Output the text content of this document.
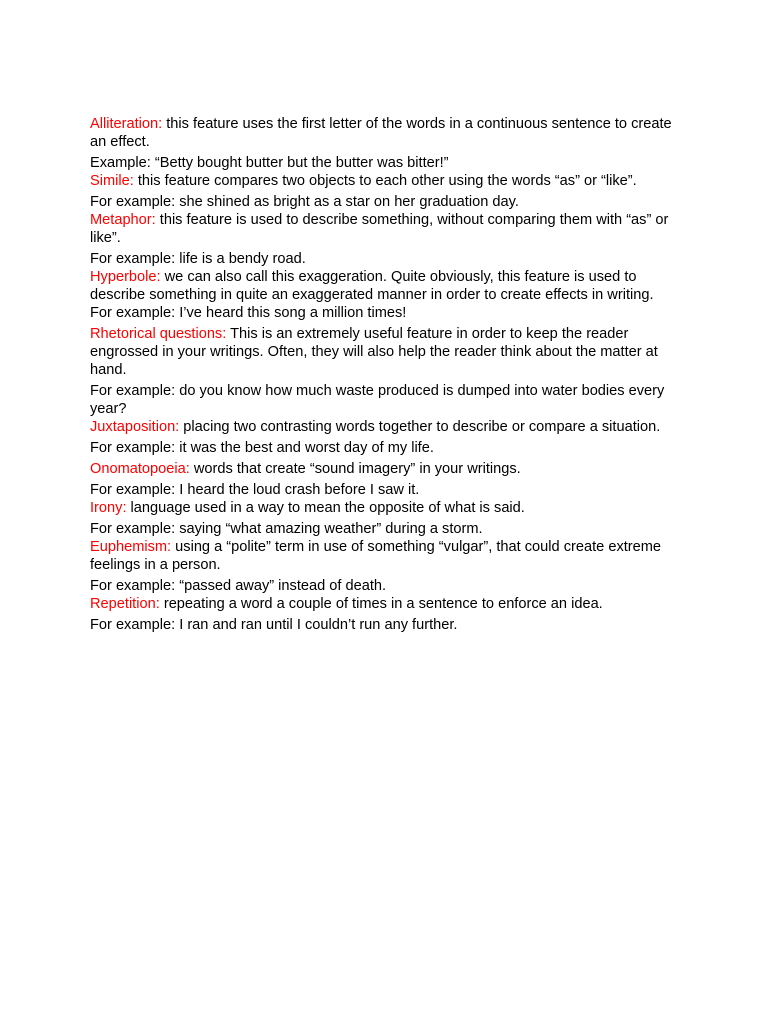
Alliteration: this feature uses the first letter of the words in a continuous sentence to create an effect.

Example: “Betty bought butter but the butter was bitter!”

Simile: this feature compares two objects to each other using the words “as” or “like”.

For example: she shined as bright as a star on her graduation day.

Metaphor: this feature is used to describe something, without comparing them with “as” or like”.

For example: life is a bendy road.

Hyperbole: we can also call this exaggeration. Quite obviously, this feature is used to describe something in quite an exaggerated manner in order to create effects in writing.

For example: I’ve heard this song a million times!

Rhetorical questions: This is an extremely useful feature in order to keep the reader engrossed in your writings. Often, they will also help the reader think about the matter at hand.

For example: do you know how much waste produced is dumped into water bodies every year?

Juxtaposition: placing two contrasting words together to describe or compare a situation.

For example: it was the best and worst day of my life.

Onomatopoeia: words that create “sound imagery” in your writings.

For example: I heard the loud crash before I saw it.

Irony: language used in a way to mean the opposite of what is said.

For example: saying “what amazing weather” during a storm.

Euphemism: using a “polite” term in use of something “vulgar”, that could create extreme feelings in a person.

For example: “passed away” instead of death.

Repetition: repeating a word a couple of times in a sentence to enforce an idea.

For example: I ran and ran until I couldn’t run any further.
